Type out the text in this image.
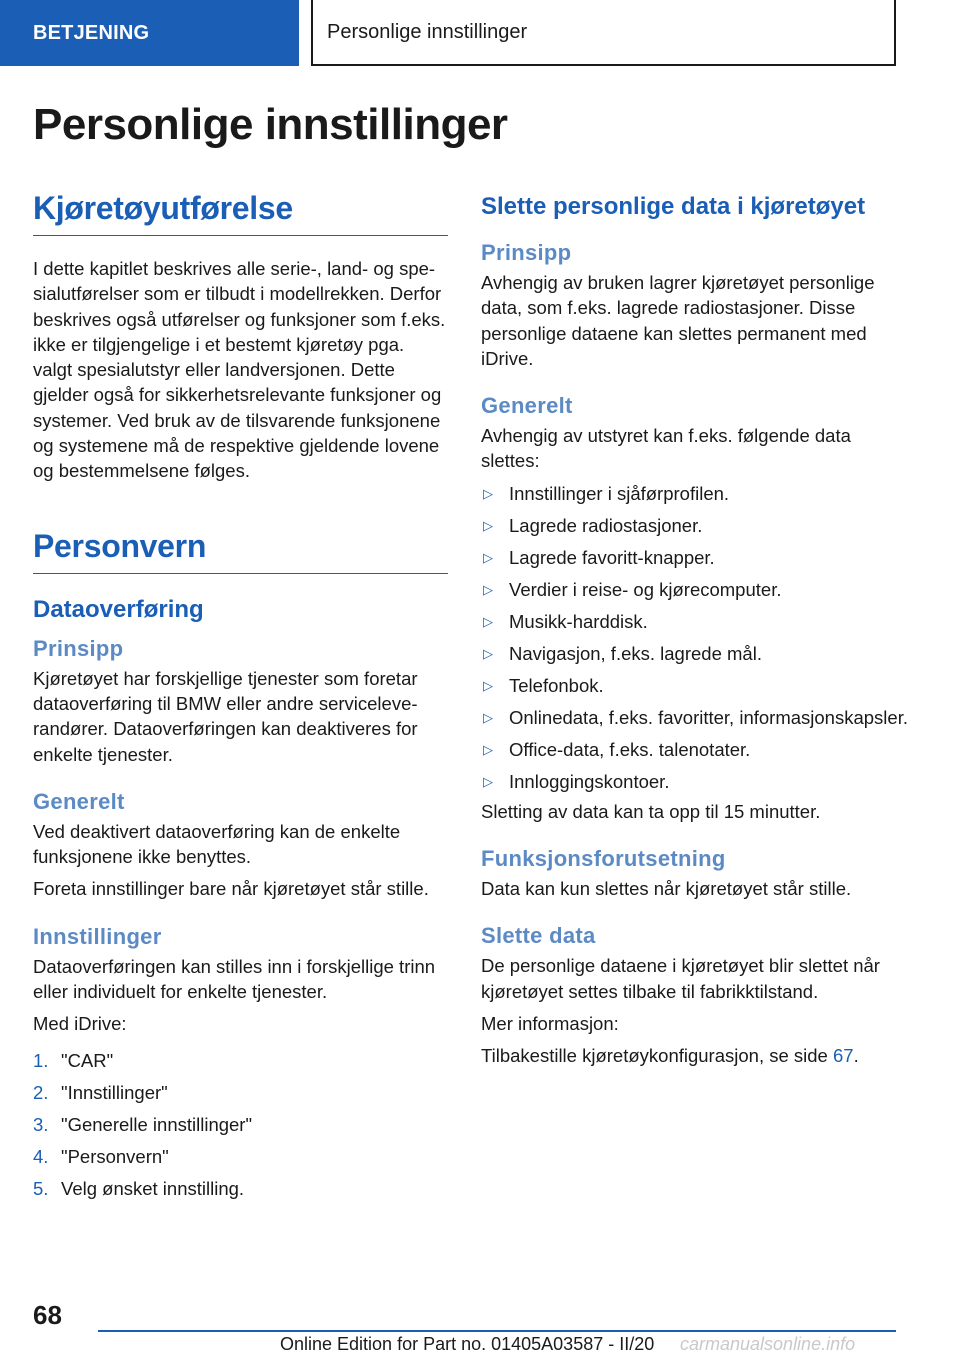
BETJENING	Personlige innstillinger
Personlige innstillinger
Kjøretøyutførelse

I dette kapitlet beskrives alle serie-, land- og spesialutførelser som er tilbudt i modellrekken. Derfor beskrives også utførelser og funksjoner som f.eks. ikke er tilgjengelige i et bestemt kjøretøy pga. valgt spesialutstyr eller landversjonen. Dette gjelder også for sikkerhetsrelevante funksjoner og systemer. Ved bruk av de tilsvarende funksjonene og systemene må de respektive gjeldende lovene og bestemmelsene følges.

Personvern
Dataoverføring
Prinsipp

Kjøretøyet har forskjellige tjenester som foretar dataoverføring til BMW eller andre serviceleverandører. Dataoverføringen kan deaktiveres for enkelte tjenester.

Generelt

Ved deaktivert dataoverføring kan de enkelte funksjonene ikke benyttes.

Foreta innstillinger bare når kjøretøyet står stille.

Innstillinger

Dataoverføringen kan stilles inn i forskjellige trinn eller individuelt for enkelte tjenester.

Med iDrive:

1. "CAR"
2. "Innstillinger"
3. "Generelle innstillinger"
4. "Personvern"
5. Velg ønsket innstilling.
Slette personlige data i kjøretøyet
Prinsipp

Avhengig av bruken lagrer kjøretøyet personlige data, som f.eks. lagrede radiostasjoner. Disse personlige dataene kan slettes permanent med iDrive.

Generelt

Avhengig av utstyret kan f.eks. følgende data slettes:

▷ Innstillinger i sjåførprofilen.
▷ Lagrede radiostasjoner.
▷ Lagrede favoritt-knapper.
▷ Verdier i reise- og kjørecomputer.
▷ Musikk-harddisk.
▷ Navigasjon, f.eks. lagrede mål.
▷ Telefonbok.
▷ Onlinedata, f.eks. favoritter, informasjonskapsler.
▷ Office-data, f.eks. talenotater.
▷ Innloggingskontoer.

Sletting av data kan ta opp til 15 minutter.

Funksjonsforutsetning

Data kan kun slettes når kjøretøyet står stille.

Slette data

De personlige dataene i kjøretøyet blir slettet når kjøretøyet settes tilbake til fabrikktilstand.

Mer informasjon:

Tilbakestille kjøretøykonfigurasjon, se side 67.

68
Online Edition for Part no. 01405A03587 - II/20 carmanualsonline.info
